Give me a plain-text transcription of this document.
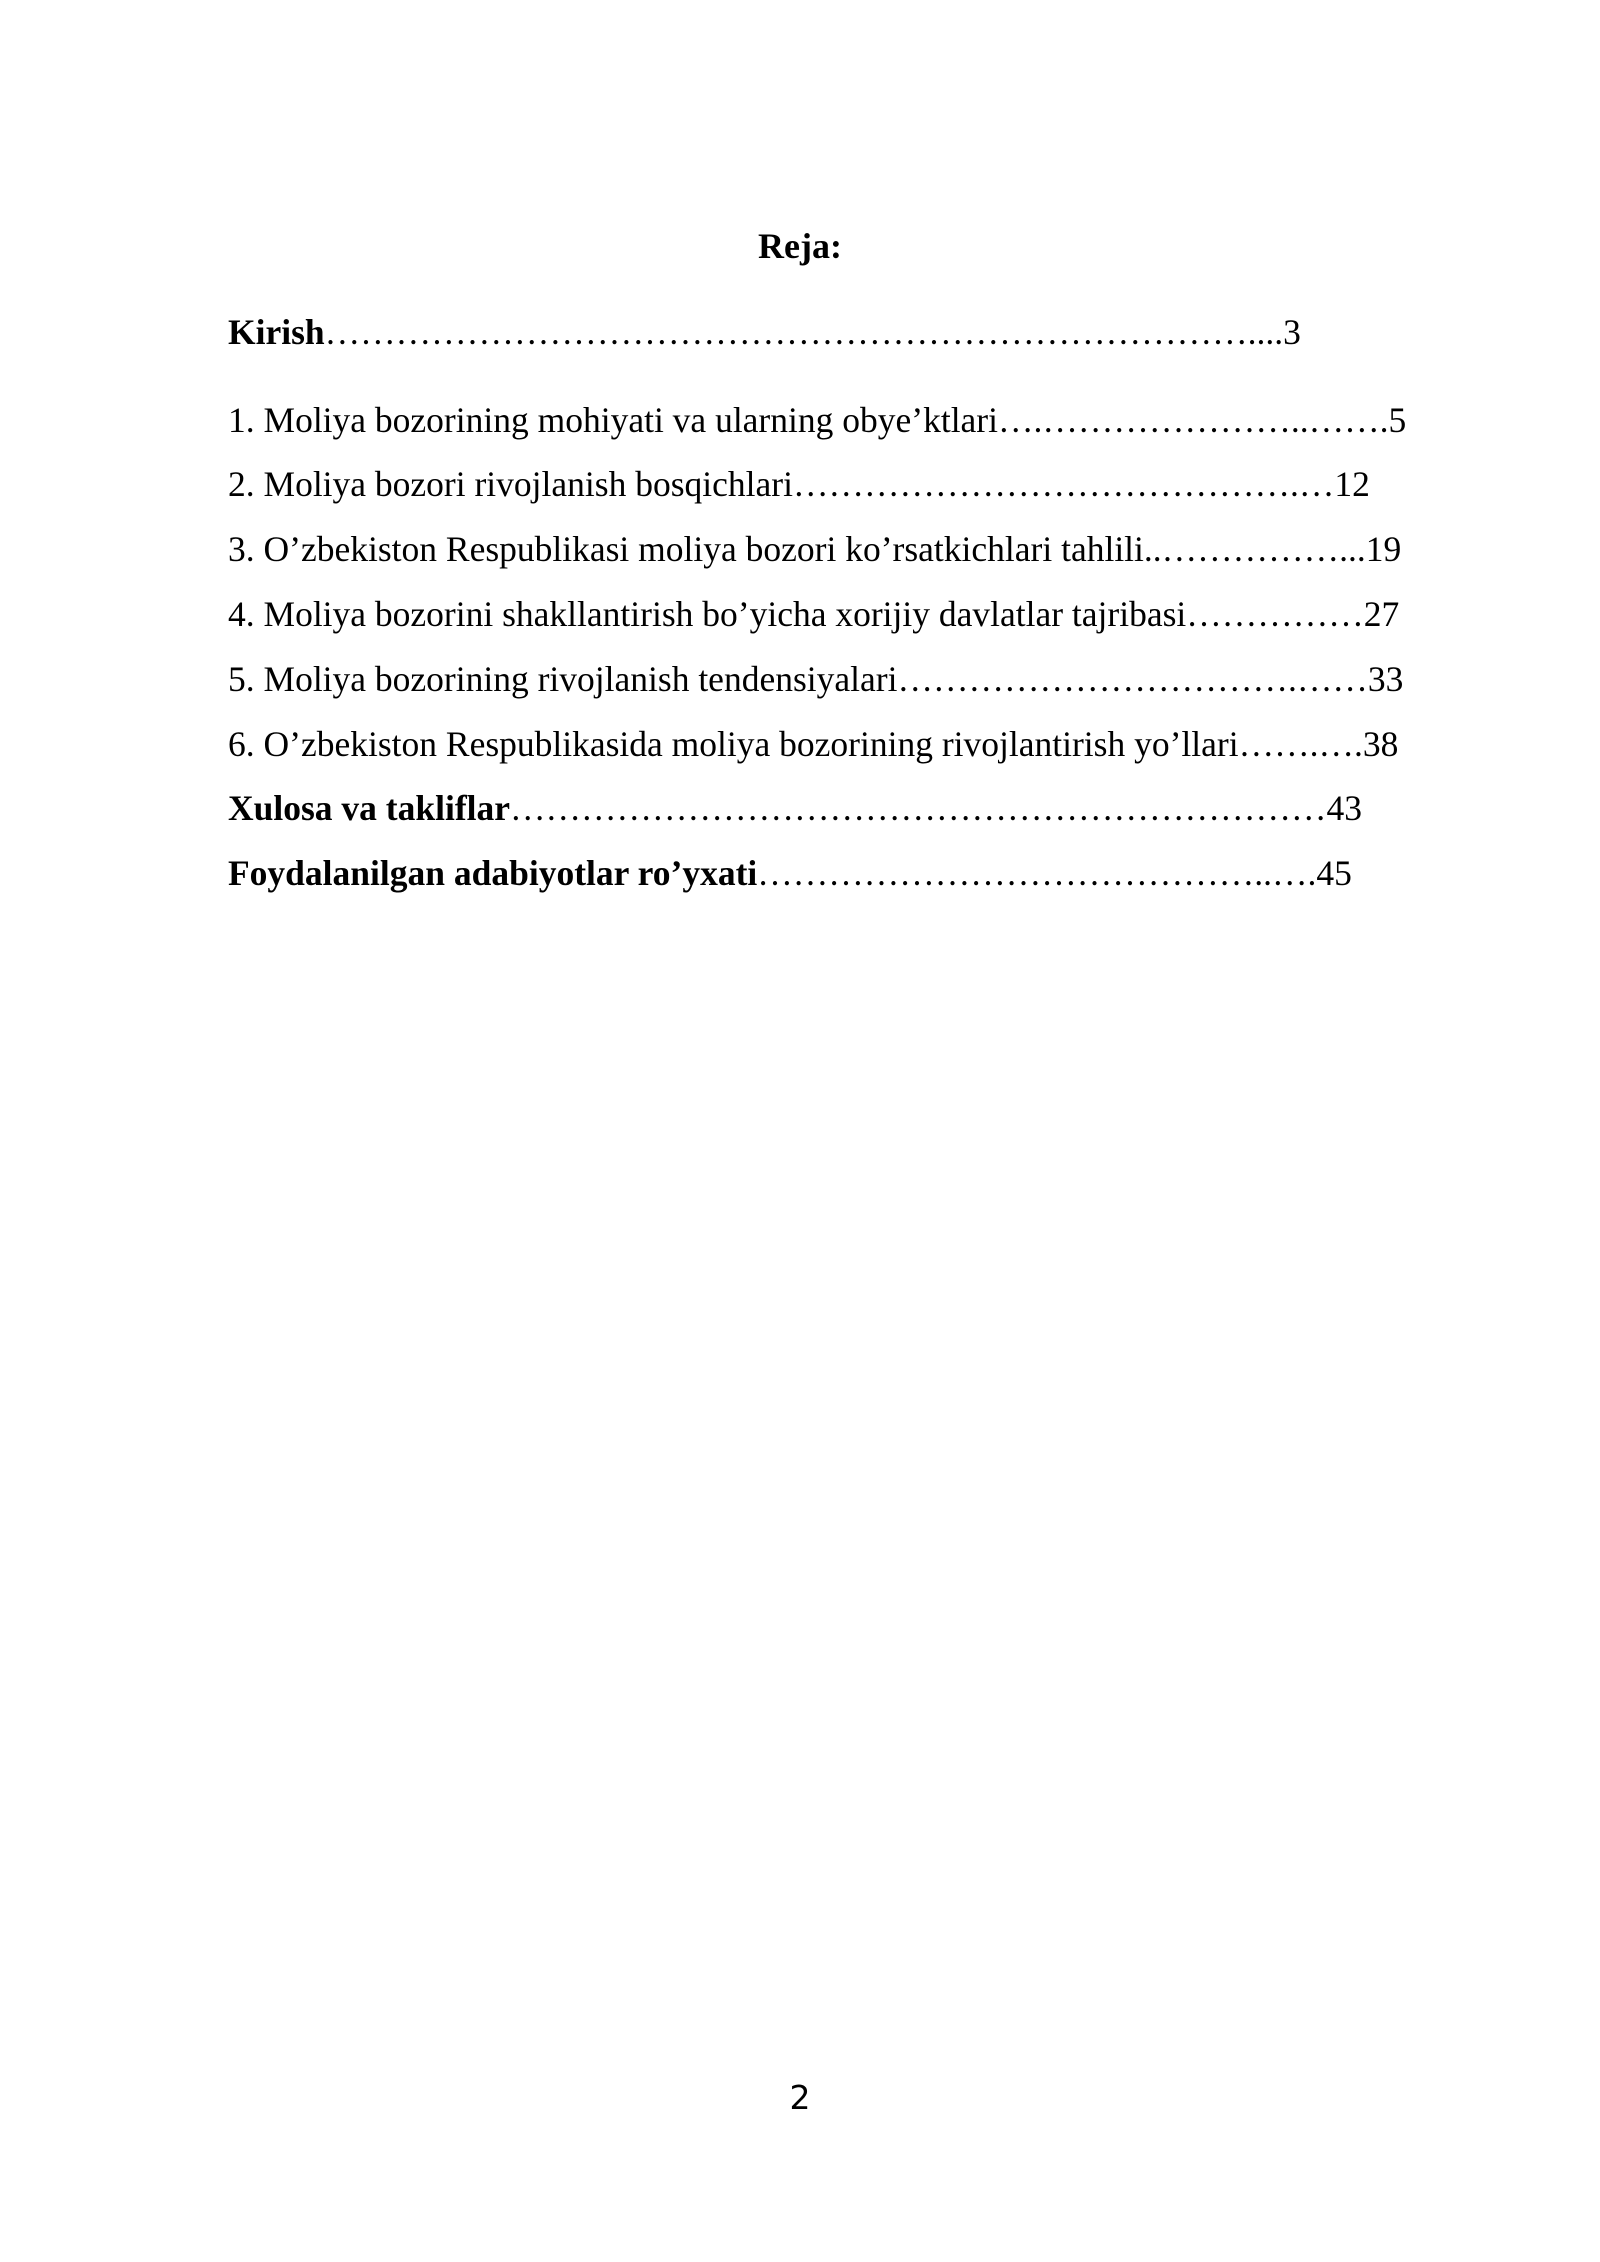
Reja:
Kirish……………………………………………………………………....3
1. Moliya bozorining mohiyati va ularning obye’ktlari….…………………..…….5
2. Moliya bozori rivojlanish bosqichlari…………………………………….…12
3. O’zbekiston Respublikasi moliya bozori ko’rsatkichlari tahlili..……………...19
4. Moliya bozorini shakllantirish bo’yicha xorijiy davlatlar tajribasi……………27
5. Moliya bozorining rivojlanish tendensiyalari…………………………….……33
6. O’zbekiston Respublikasida moliya bozorining rivojlantirish yo’llari…….….38
Xulosa va takliflar……………………………………………………………43
Foydalanilgan adabiyotlar ro’yxati……………………………………..….45
2
